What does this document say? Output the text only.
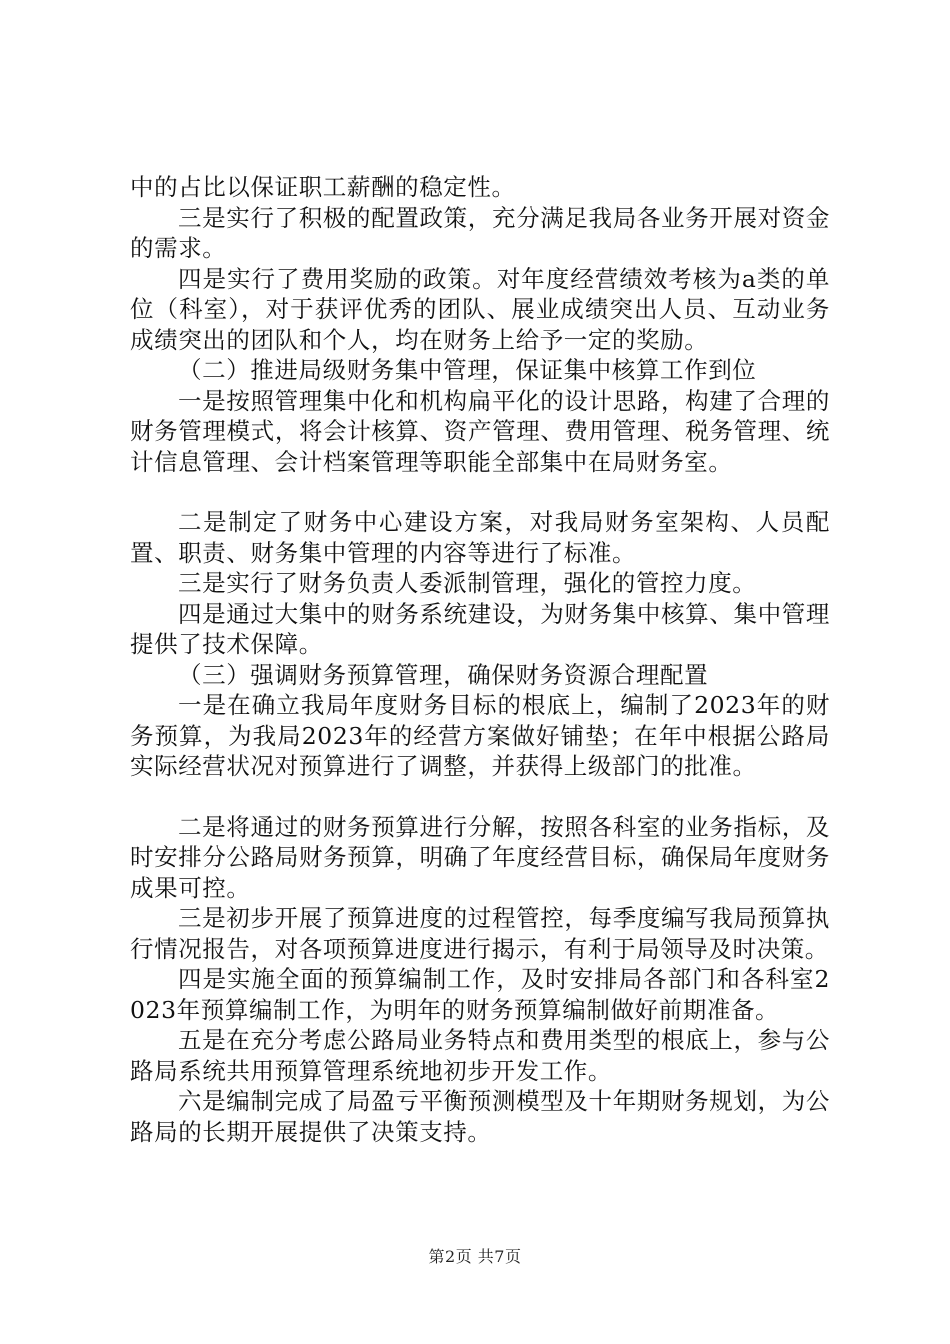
中的占比以保证职工薪酬的稳定性。

三是实行了积极的配置政策，充分满足我局各业务开展对资金的需求。

四是实行了费用奖励的政策。对年度经营绩效考核为a类的单位（科室），对于获评优秀的团队、展业成绩突出人员、互动业务成绩突出的团队和个人，均在财务上给予一定的奖励。

（二）推进局级财务集中管理，保证集中核算工作到位

一是按照管理集中化和机构扁平化的设计思路，构建了合理的财务管理模式，将会计核算、资产管理、费用管理、税务管理、统计信息管理、会计档案管理等职能全部集中在局财务室。

二是制定了财务中心建设方案，对我局财务室架构、人员配置、职责、财务集中管理的内容等进行了标准。

三是实行了财务负责人委派制管理，强化的管控力度。

四是通过大集中的财务系统建设，为财务集中核算、集中管理提供了技术保障。

（三）强调财务预算管理，确保财务资源合理配置

一是在确立我局年度财务目标的根底上，编制了2023年的财务预算，为我局2023年的经营方案做好铺垫；在年中根据公路局实际经营状况对预算进行了调整，并获得上级部门的批准。

二是将通过的财务预算进行分解，按照各科室的业务指标，及时安排分公路局财务预算，明确了年度经营目标，确保局年度财务成果可控。

三是初步开展了预算进度的过程管控，每季度编写我局预算执行情况报告，对各项预算进度进行揭示，有利于局领导及时决策。

四是实施全面的预算编制工作，及时安排局各部门和各科室2023年预算编制工作，为明年的财务预算编制做好前期准备。

五是在充分考虑公路局业务特点和费用类型的根底上，参与公路局系统共用预算管理系统地初步开发工作。

六是编制完成了局盈亏平衡预测模型及十年期财务规划，为公路局的长期开展提供了决策支持。

第2页 共7页
